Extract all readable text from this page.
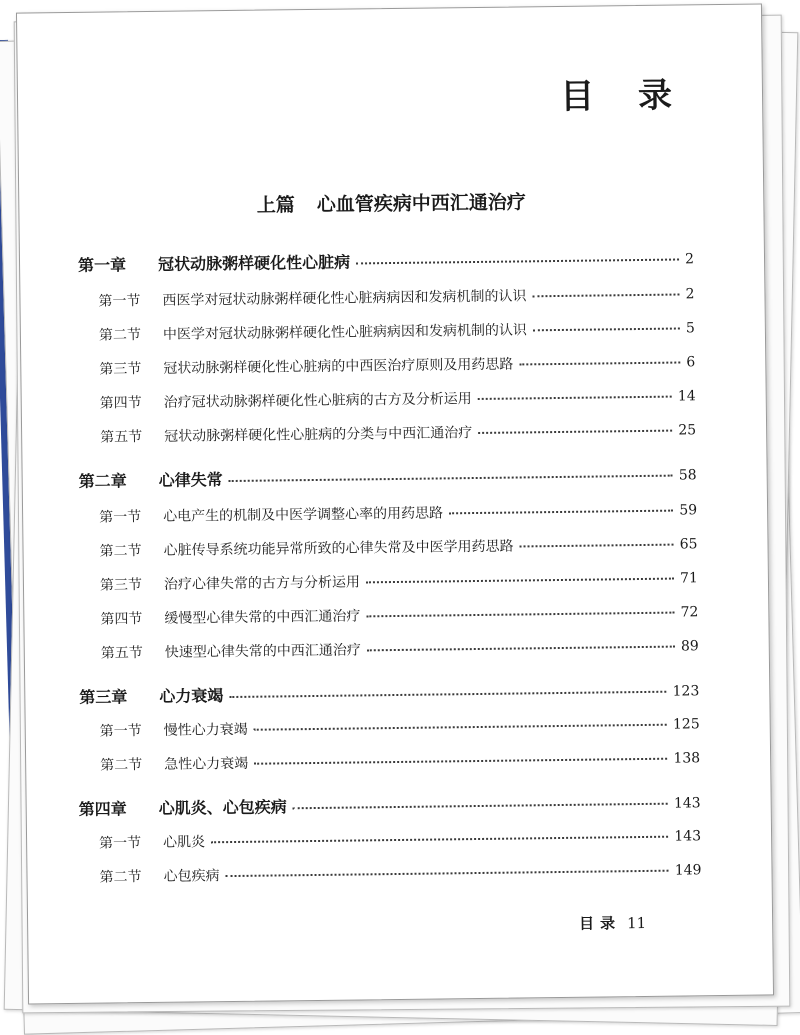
目 录
上篇 心血管疾病中西汇通治疗
第一章	冠状动脉粥样硬化性心脏病	2
第一节	西医学对冠状动脉粥样硬化性心脏病病因和发病机制的认识	2
第二节	中医学对冠状动脉粥样硬化性心脏病病因和发病机制的认识	5
第三节	冠状动脉粥样硬化性心脏病的中西医治疗原则及用药思路	6
第四节	治疗冠状动脉粥样硬化性心脏病的古方及分析运用	14
第五节	冠状动脉粥样硬化性心脏病的分类与中西汇通治疗	25
第二章	心律失常	58
第一节	心电产生的机制及中医学调整心率的用药思路	59
第二节	心脏传导系统功能异常所致的心律失常及中医学用药思路	65
第三节	治疗心律失常的古方与分析运用	71
第四节	缓慢型心律失常的中西汇通治疗	72
第五节	快速型心律失常的中西汇通治疗	89
第三章	心力衰竭	123
第一节	慢性心力衰竭	125
第二节	急性心力衰竭	138
第四章	心肌炎、心包疾病	143
第一节	心肌炎	143
第二节	心包疾病	149
目录 11
